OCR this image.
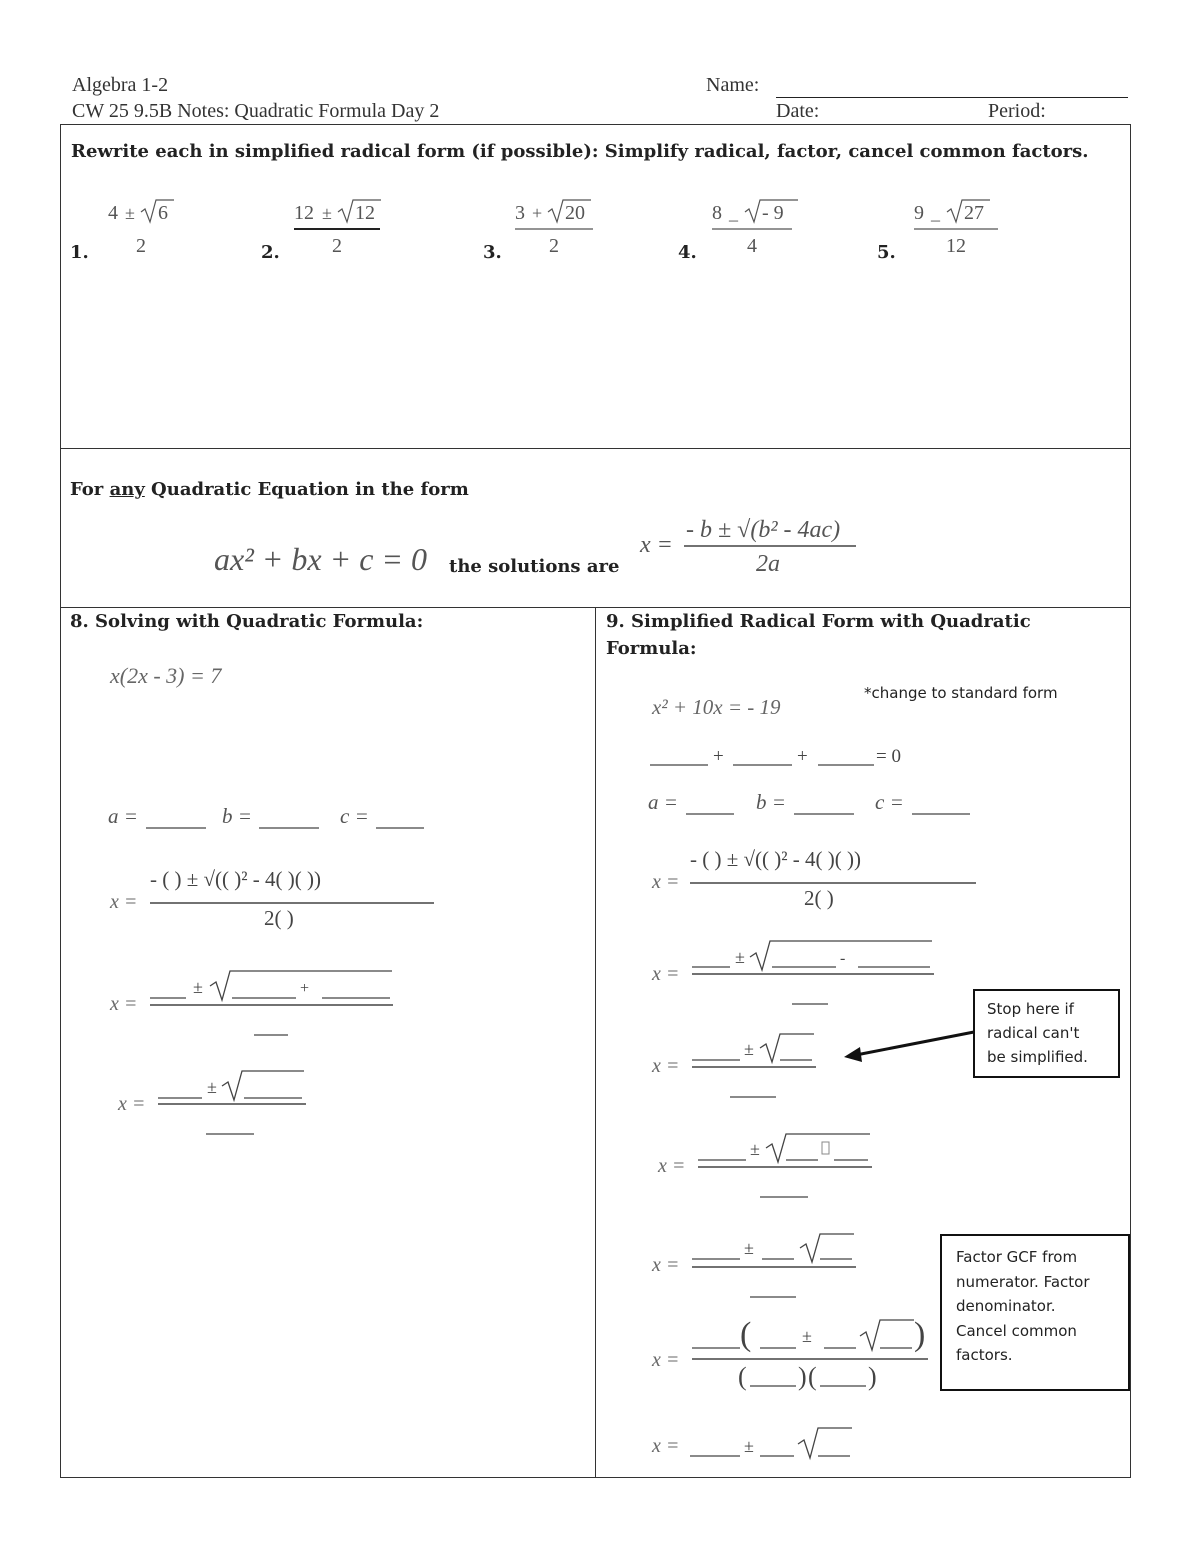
Algebra 1-2
CW 25 9.5B Notes: Quadratic Formula Day 2
Name:
Date:	Period:
Rewrite each in simplified radical form (if possible): Simplify radical, factor, cancel common factors.
1.
4 ± 6
2	2.
12 ± 12
2	3.
3 + 20
2	4.
8 _ - 9
4	5.
9 _ 27
12
For any Quadratic Equation in the form
ax² + bx + c = 0	x =
- b ± √(b² - 4ac)
2a
the solutions are
8. Solving with Quadratic Formula:
x(2x - 3) = 7
a =	b =	c =
x =
- ( ) ± √(( )² - 4( )( ))
2( )
x =
±	+
x =
±
9. Simplified Radical Form with Quadratic
Formula:
*change to standard form
x² + 10x = - 19
+	+	= 0
a =	b =	c =
x =
- ( ) ± √(( )² - 4( )( ))
2( )
x =
±	-
x =
±
x =
±
x =
±
x =
(	±	)
( ) ( )
x =	±
Stop here if
radical can't
be simplified.
Factor GCF from
numerator. Factor
denominator.
Cancel common
factors.
